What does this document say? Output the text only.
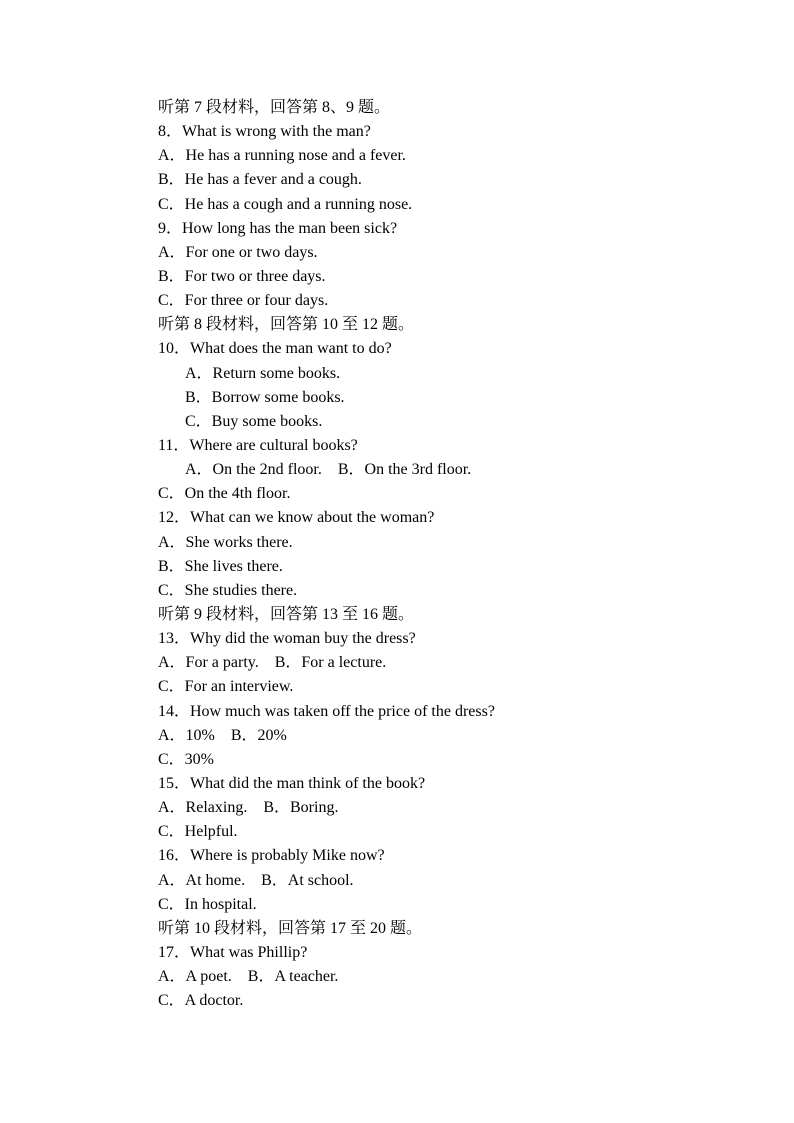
听第 7 段材料，回答第 8、9 题。
8．What is wrong with the man?
A．He has a running nose and a fever.
B．He has a fever and a cough.
C．He has a cough and a running nose.
9．How long has the man been sick?
A．For one or two days.
B．For two or three days.
C．For three or four days.
听第 8 段材料，回答第 10 至 12 题。
10．What does the man want to do?
A．Return some books.
B．Borrow some books.
C．Buy some books.
11．Where are cultural books?
A．On the 2nd floor.    B．On the 3rd floor.
C．On the 4th floor.
12．What can we know about the woman?
A．She works there.
B．She lives there.
C．She studies there.
听第 9 段材料，回答第 13 至 16 题。
13．Why did the woman buy the dress?
A．For a party.    B．For a lecture.
C．For an interview.
14．How much was taken off the price of the dress?
A．10%    B．20%
C．30%
15．What did the man think of the book?
A．Relaxing.    B．Boring.
C．Helpful.
16．Where is probably Mike now?
A．At home.    B．At school.
C．In hospital.
听第 10 段材料，回答第 17 至 20 题。
17．What was Phillip?
A．A poet.    B．A teacher.
C．A doctor.
